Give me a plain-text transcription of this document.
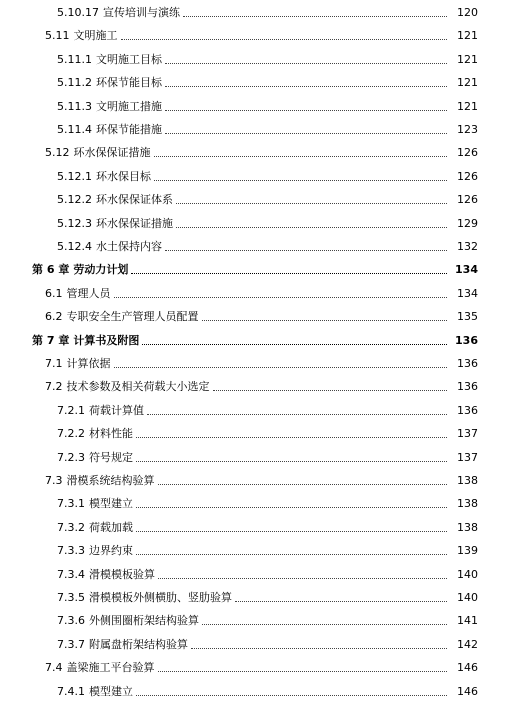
5.10.17 宣传培训与演练	120
5.11 文明施工	121
5.11.1 文明施工目标	121
5.11.2 环保节能目标	121
5.11.3 文明施工措施	121
5.11.4 环保节能措施	123
5.12 环水保保证措施	126
5.12.1 环水保目标	126
5.12.2 环水保保证体系	126
5.12.3 环水保保证措施	129
5.12.4 水土保持内容	132
第 6 章 劳动力计划	134
6.1 管理人员	134
6.2 专职安全生产管理人员配置	135
第 7 章 计算书及附图	136
7.1 计算依据	136
7.2 技术参数及相关荷载大小选定	136
7.2.1 荷载计算值	136
7.2.2 材料性能	137
7.2.3 符号规定	137
7.3 滑模系统结构验算	138
7.3.1 模型建立	138
7.3.2 荷载加载	138
7.3.3 边界约束	139
7.3.4 滑模模板验算	140
7.3.5 滑模模板外侧横肋、竖肋验算	140
7.3.6 外侧围圈桁架结构验算	141
7.3.7 附属盘桁架结构验算	142
7.4 盖梁施工平台验算	146
7.4.1 模型建立	146
